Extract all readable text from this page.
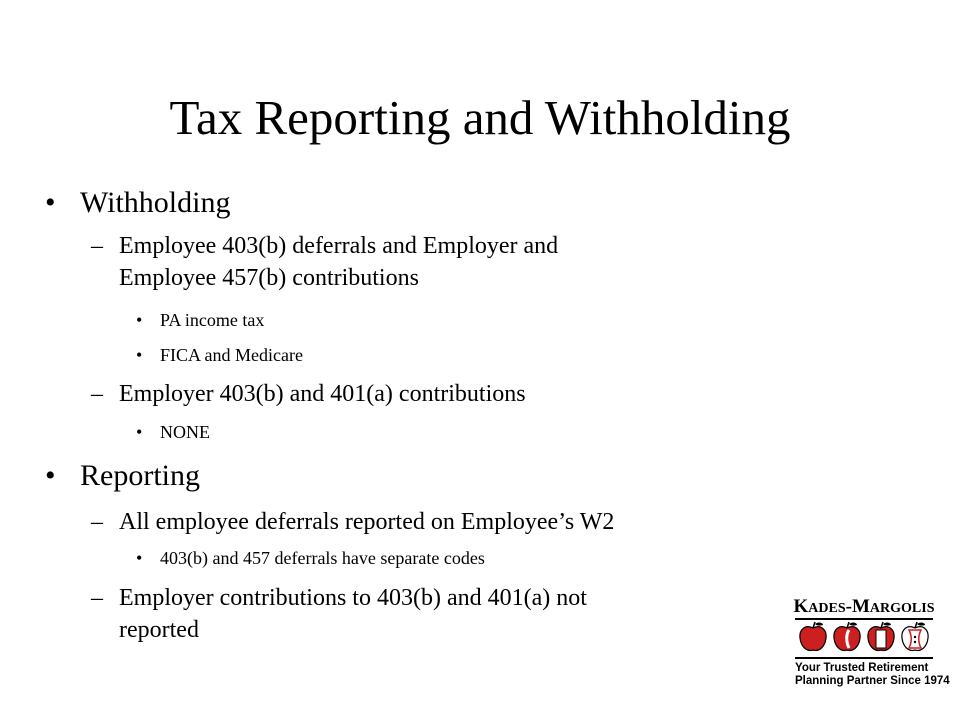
Tax Reporting and Withholding
• Withholding
– Employee 403(b) deferrals and Employer and
Employee 457(b) contributions
• PA income tax
• FICA and Medicare
– Employer 403(b) and 401(a) contributions
• NONE
• Reporting
– All employee deferrals reported on Employee’s W2
• 403(b) and 457 deferrals have separate codes
– Employer contributions to 403(b) and 401(a) not
reported
KADES-MARGOLIS
Your Trusted Retirement
Planning Partner Since 1974
